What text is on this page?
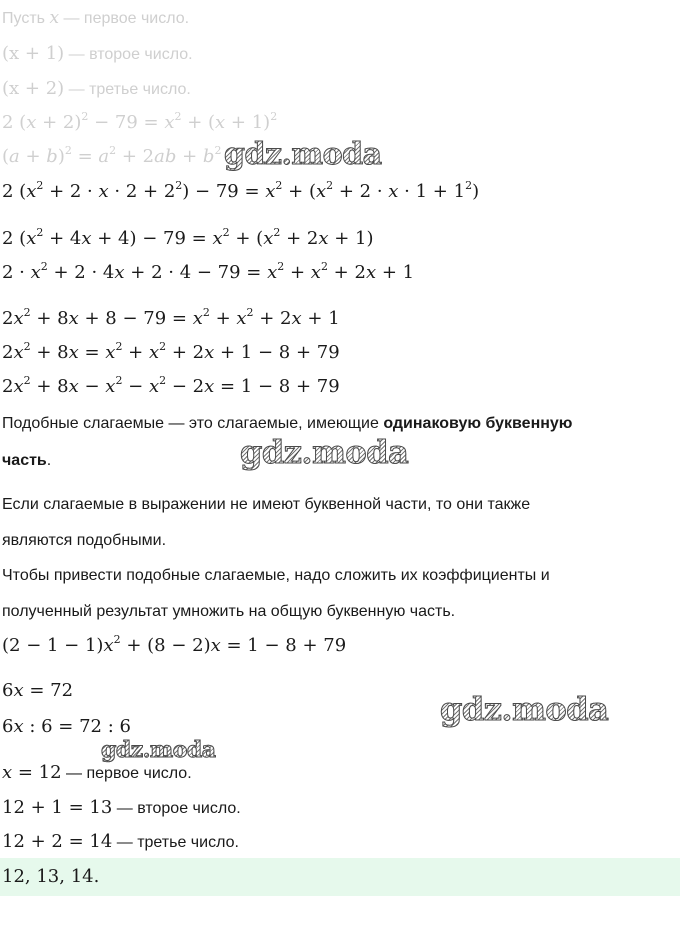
Пусть x — первое число.
(x + 1) — второе число.
(x + 2) — третье число.
2 $(x + 2)^2 - 79 = x^2 + (x + 1)^2$
$(a + b)^2 = a^2 + 2ab + b^2$
2 $(x^2 + 2 \cdot x \cdot 2 + 2^2) - 79 = x^2 + (x^2 + 2 \cdot x \cdot 1 + 1^2)$
2 $(x^2 + 4x + 4) - 79 = x^2 + (x^2 + 2x + 1)$
$2 \cdot x^2 + 2 \cdot 4x + 2 \cdot 4 - 79 = x^2 + x^2 + 2x + 1$
$2x^2 + 8x + 8 - 79 = x^2 + x^2 + 2x + 1$
$2x^2 + 8x = x^2 + x^2 + 2x + 1 - 8 + 79$
$2x^2 + 8x - x^2 - x^2 - 2x = 1 - 8 + 79$
Подобные слагаемые — это слагаемые, имеющие одинаковую буквенную
часть.
Если слагаемые в выражении не имеют буквенной части, то они также
являются подобными.
Чтобы привести подобные слагаемые, надо сложить их коэффициенты и
полученный результат умножить на общую буквенную часть.
$(2 - 1 - 1)x^2 + (8 - 2)x = 1 - 8 + 79$
6x = 72
6x : 6 = 72 : 6
x = 12 — первое число.
12 + 1 = 13 — второе число.
12 + 2 = 14 — третье число.
12, 13, 14.
gdz.moda
gdz.moda
gdz.moda
gdz.moda
